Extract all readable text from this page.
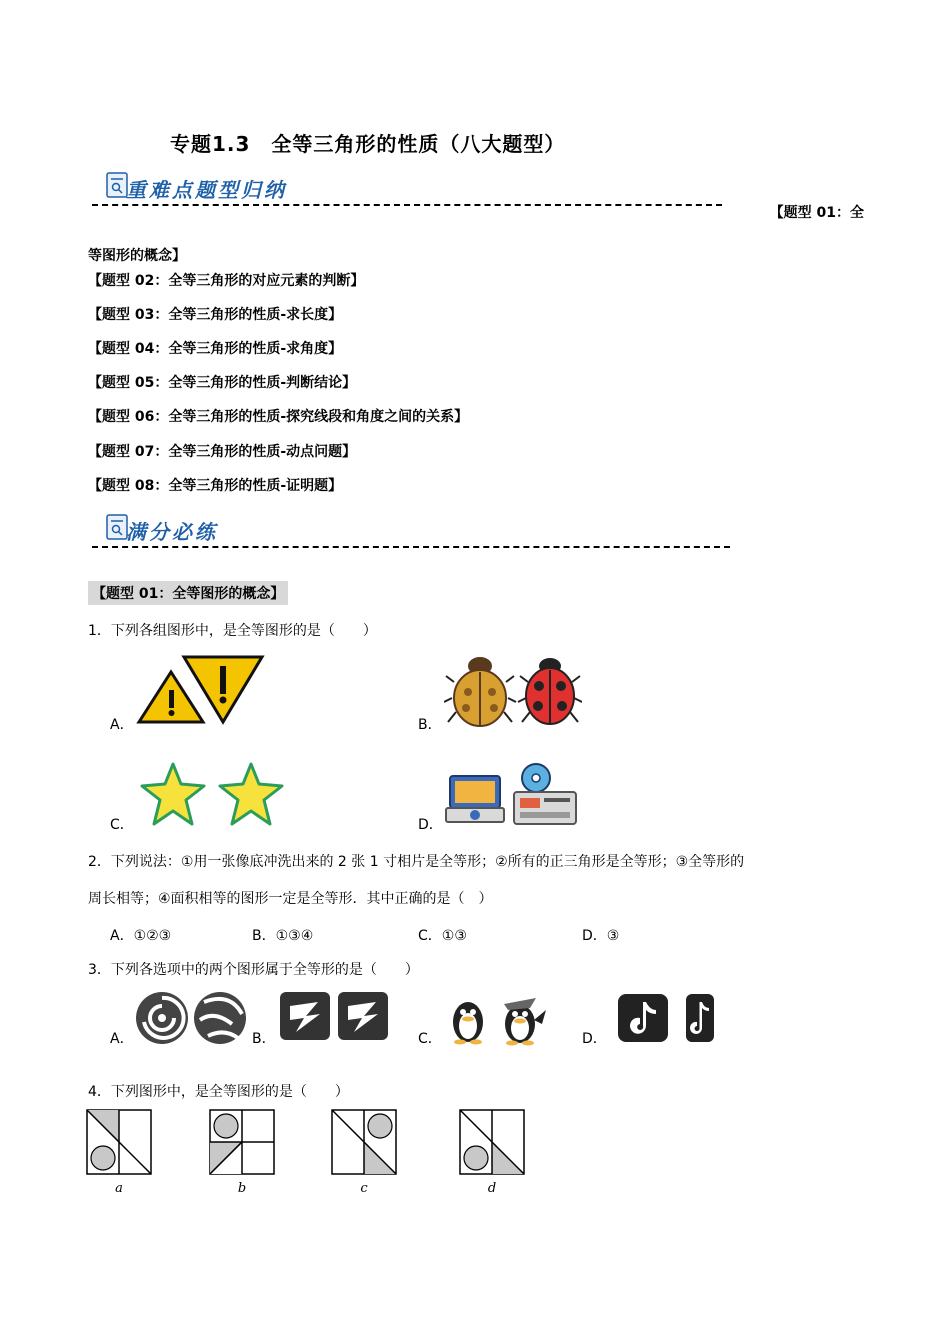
专题1.3　全等三角形的性质（八大题型）
重难点题型归纳
【题型 01：全
等图形的概念】
【题型 02：全等三角形的对应元素的判断】
【题型 03：全等三角形的性质-求长度】
【题型 04：全等三角形的性质-求角度】
【题型 05：全等三角形的性质-判断结论】
【题型 06：全等三角形的性质-探究线段和角度之间的关系】
【题型 07：全等三角形的性质-动点问题】
【题型 08：全等三角形的性质-证明题】
满分必练
【题型 01：全等图形的概念】
1．下列各组图形中，是全等图形的是（　　）
A．	B．
C．	D．
2．下列说法：①用一张像底冲洗出来的 2 张 1 寸相片是全等形；②所有的正三角形是全等形；③全等形的
周长相等；④面积相等的图形一定是全等形．其中正确的是（　）
A．①②③	B．①③④	C．①③	D．③
3．下列各选项中的两个图形属于全等形的是（　　）
A．	B．	C．	D．
4．下列图形中，是全等图形的是（　　）
a	b	c	d
